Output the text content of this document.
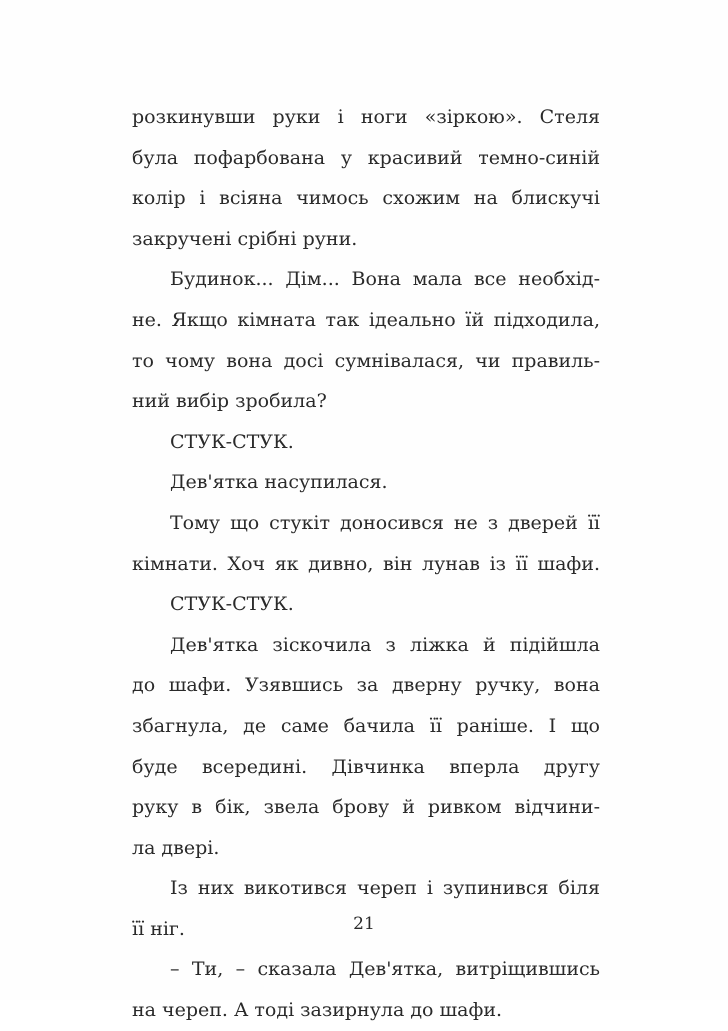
розкинувши руки і ноги «зіркою». Стеля
була пофарбована у красивий темно-синій
колір і всіяна чимось схожим на блискучі
закручені срібні руни.
Будинок... Дім... Вона мала все необхід-
не. Якщо кімната так ідеально їй підходила,
то чому вона досі сумнівалася, чи правиль-
ний вибір зробила?
СТУК-СТУК.
Дев'ятка насупилася.
Тому що стукіт доносився не з дверей її
кімнати. Хоч як дивно, він лунав із її шафи.
СТУК-СТУК.
Дев'ятка зіскочила з ліжка й підійшла
до шафи. Узявшись за дверну ручку, вона
збагнула, де саме бачила її раніше. І що
буде всередині. Дівчинка вперла другу
руку в бік, звела брову й ривком відчини-
ла двері.
Із них викотився череп і зупинився біля
її ніг.
– Ти, – сказала Дев'ятка, витріщившись
на череп. А тоді зазирнула до шафи.
21
